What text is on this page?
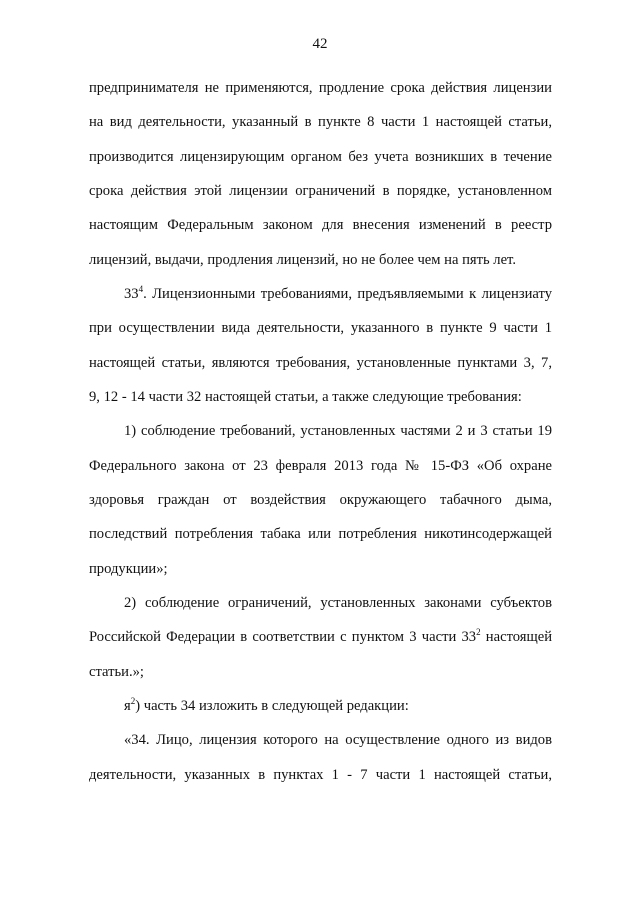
42
предпринимателя не применяются, продление срока действия лицензии
на вид деятельности, указанный в пункте 8 части 1 настоящей статьи,
производится лицензирующим органом без учета возникших в течение
срока действия этой лицензии ограничений в порядке, установленном
настоящим Федеральным законом для внесения изменений в реестр
лицензий, выдачи, продления лицензий, но не более чем на пять лет.
$33^4$. Лицензионными требованиями, предъявляемыми к лицензиату
при осуществлении вида деятельности, указанного в пункте 9 части 1
настоящей статьи, являются требования, установленные пунктами 3, 7,
9, 12 - 14 части 32 настоящей статьи, а также следующие требования:
1) соблюдение требований, установленных частями 2 и 3 статьи 19
Федерального закона от 23 февраля 2013 года № 15-ФЗ «Об охране
здоровья граждан от воздействия окружающего табачного дыма,
последствий потребления табака или потребления никотинсодержащей
продукции»;
2) соблюдение ограничений, установленных законами субъектов
Российской Федерации в соответствии с пунктом 3 части $33^2$ настоящей
статьи.»;
$я^2$) часть 34 изложить в следующей редакции:
«34. Лицо, лицензия которого на осуществление одного из видов
деятельности, указанных в пунктах 1 - 7 части 1 настоящей статьи,
